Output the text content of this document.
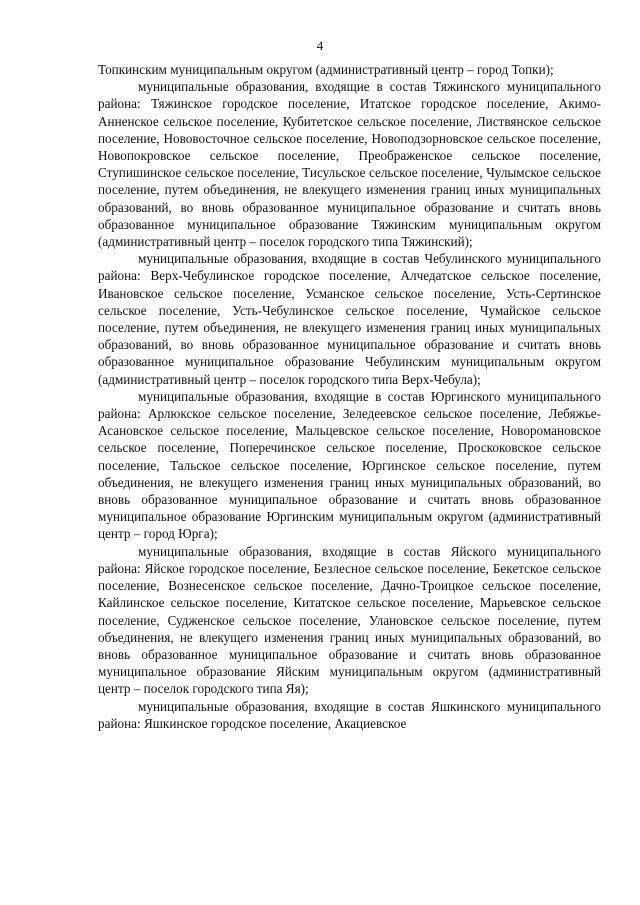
4

Топкинским муниципальным округом (административный центр – город Топки);

муниципальные образования, входящие в состав Тяжинского муниципального района: Тяжинское городское поселение, Итатское городское поселение, Акимо-Анненское сельское поселение, Кубитетское сельское поселение, Листвянское сельское поселение, Нововосточное сельское поселение, Новоподзорновское сельское поселение, Новопокровское сельское поселение, Преображенское сельское поселение, Ступишинское сельское поселение, Тисульское сельское поселение, Чулымское сельское поселение, путем объединения, не влекущего изменения границ иных муниципальных образований, во вновь образованное муниципальное образование и считать вновь образованное муниципальное образование Тяжинским муниципальным округом (административный центр – поселок городского типа Тяжинский);

муниципальные образования, входящие в состав Чебулинского муниципального района: Верх-Чебулинское городское поселение, Алчедатское сельское поселение, Ивановское сельское поселение, Усманское сельское поселение, Усть-Сертинское сельское поселение, Усть-Чебулинское сельское поселение, Чумайское сельское поселение, путем объединения, не влекущего изменения границ иных муниципальных образований, во вновь образованное муниципальное образование и считать вновь образованное муниципальное образование Чебулинским муниципальным округом (административный центр – поселок городского типа Верх-Чебула);

муниципальные образования, входящие в состав Юргинского муниципального района: Арлюкское сельское поселение, Зеледеевское сельское поселение, Лебяжье-Асановское сельское поселение, Мальцевское сельское поселение, Новоромановское сельское поселение, Поперечинское сельское поселение, Проскоковское сельское поселение, Тальское сельское поселение, Юргинское сельское поселение, путем объединения, не влекущего изменения границ иных муниципальных образований, во вновь образованное муниципальное образование и считать вновь образованное муниципальное образование Юргинским муниципальным округом (административный центр – город Юрга);

муниципальные образования, входящие в состав Яйского муниципального района: Яйское городское поселение, Безлесное сельское поселение, Бекетское сельское поселение, Вознесенское сельское поселение, Дачно-Троицкое сельское поселение, Кайлинское сельское поселение, Китатское сельское поселение, Марьевское сельское поселение, Судженское сельское поселение, Улановское сельское поселение, путем объединения, не влекущего изменения границ иных муниципальных образований, во вновь образованное муниципальное образование и считать вновь образованное муниципальное образование Яйским муниципальным округом (административный центр – поселок городского типа Яя);

муниципальные образования, входящие в состав Яшкинского муниципального района: Яшкинское городское поселение, Акациевское
